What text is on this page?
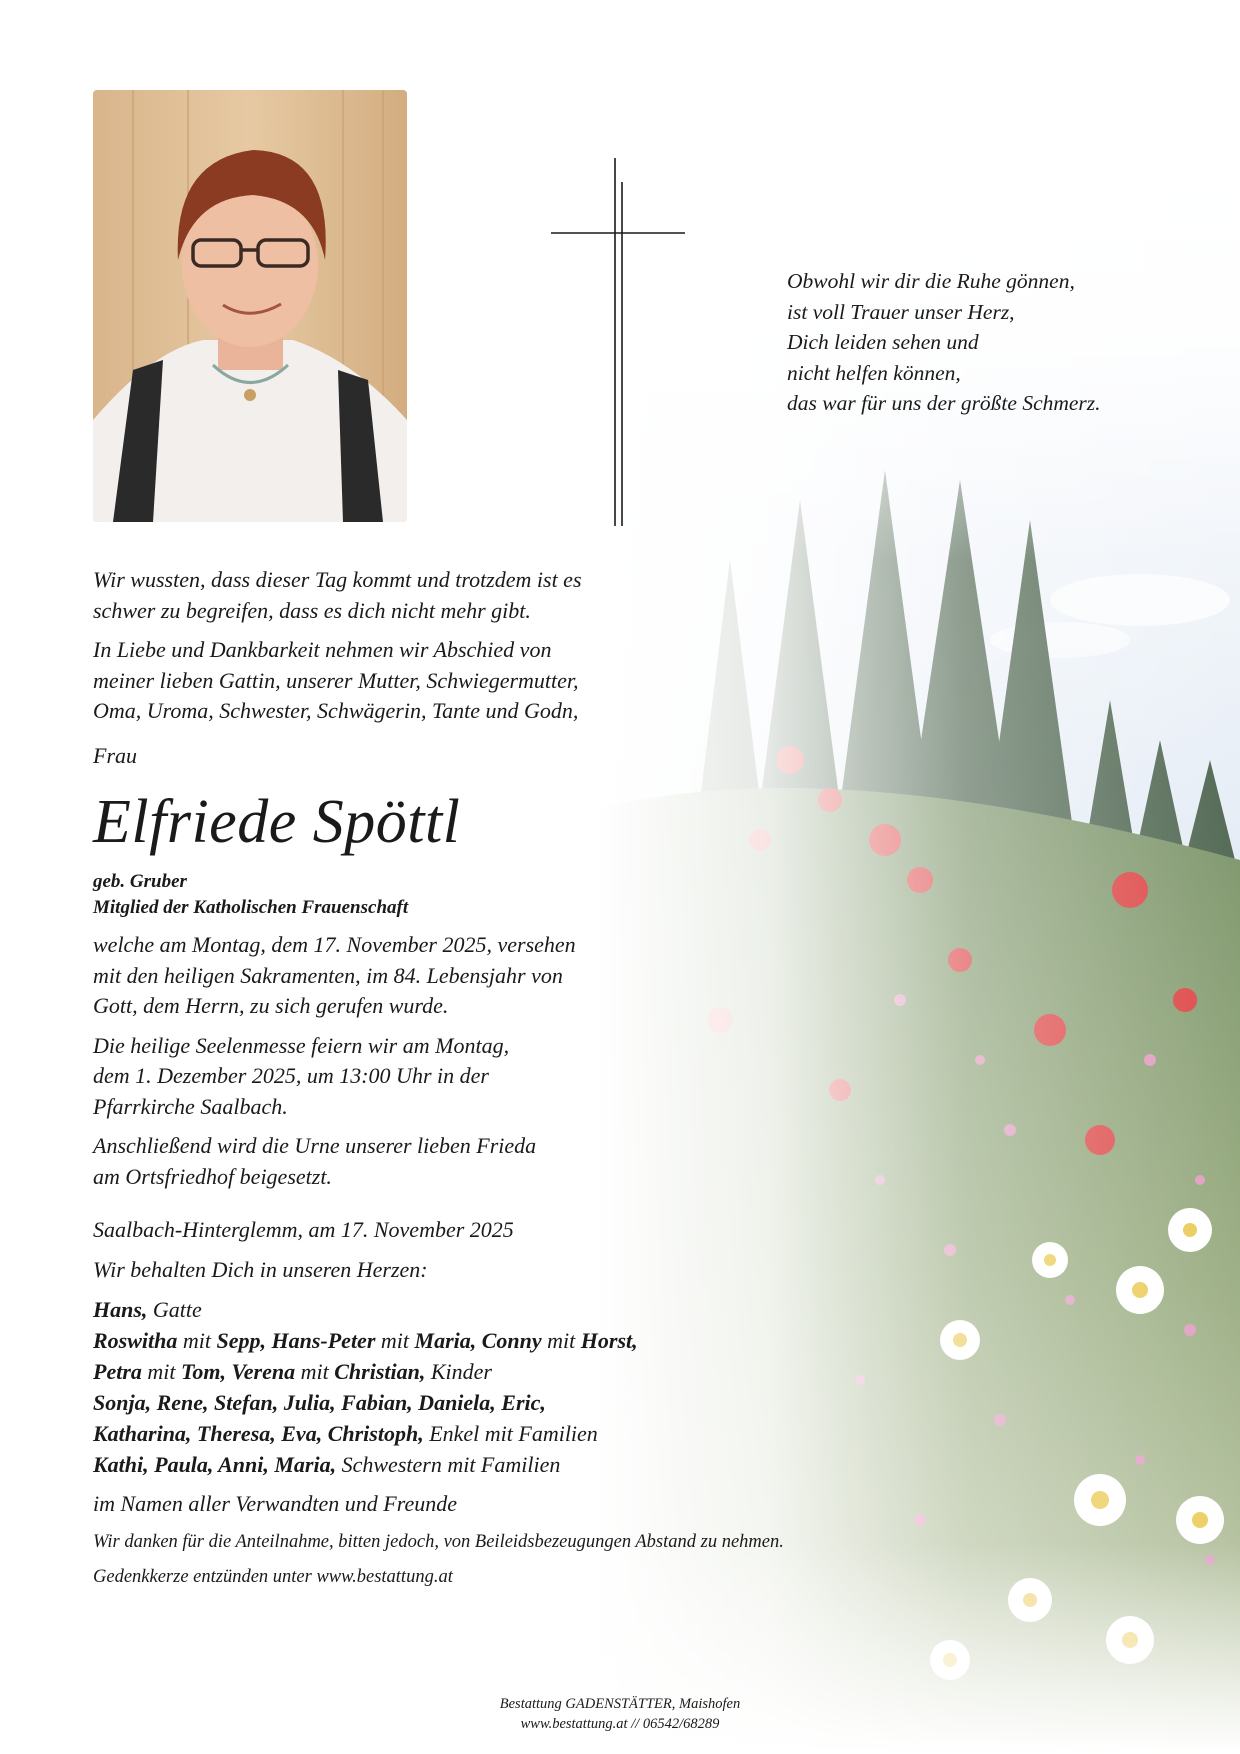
Obwohl wir dir die Ruhe gönnen,
ist voll Trauer unser Herz,
Dich leiden sehen und
nicht helfen können,
das war für uns der größte Schmerz.
Wir wussten, dass dieser Tag kommt und trotzdem ist es
schwer zu begreifen, dass es dich nicht mehr gibt.
In Liebe und Dankbarkeit nehmen wir Abschied von
meiner lieben Gattin, unserer Mutter, Schwiegermutter,
Oma, Uroma, Schwester, Schwägerin, Tante und Godn,
Frau
Elfriede Spöttl
geb. Gruber
Mitglied der Katholischen Frauenschaft
welche am Montag, dem 17. November 2025, versehen
mit den heiligen Sakramenten, im 84. Lebensjahr von
Gott, dem Herrn, zu sich gerufen wurde.
Die heilige Seelenmesse feiern wir am Montag,
dem 1. Dezember 2025, um 13:00 Uhr in der
Pfarrkirche Saalbach.
Anschließend wird die Urne unserer lieben Frieda
am Ortsfriedhof beigesetzt.
Saalbach-Hinterglemm, am 17. November 2025
Wir behalten Dich in unseren Herzen:
Hans, Gatte
Roswitha mit Sepp, Hans-Peter mit Maria, Conny mit Horst,
Petra mit Tom, Verena mit Christian, Kinder
Sonja, Rene, Stefan, Julia, Fabian, Daniela, Eric,
Katharina, Theresa, Eva, Christoph, Enkel mit Familien
Kathi, Paula, Anni, Maria, Schwestern mit Familien
im Namen aller Verwandten und Freunde
Wir danken für die Anteilnahme, bitten jedoch, von Beileidsbezeugungen Abstand zu nehmen.
Gedenkkerze entzünden unter www.bestattung.at
Bestattung GADENSTÄTTER, Maishofen
www.bestattung.at // 06542/68289
